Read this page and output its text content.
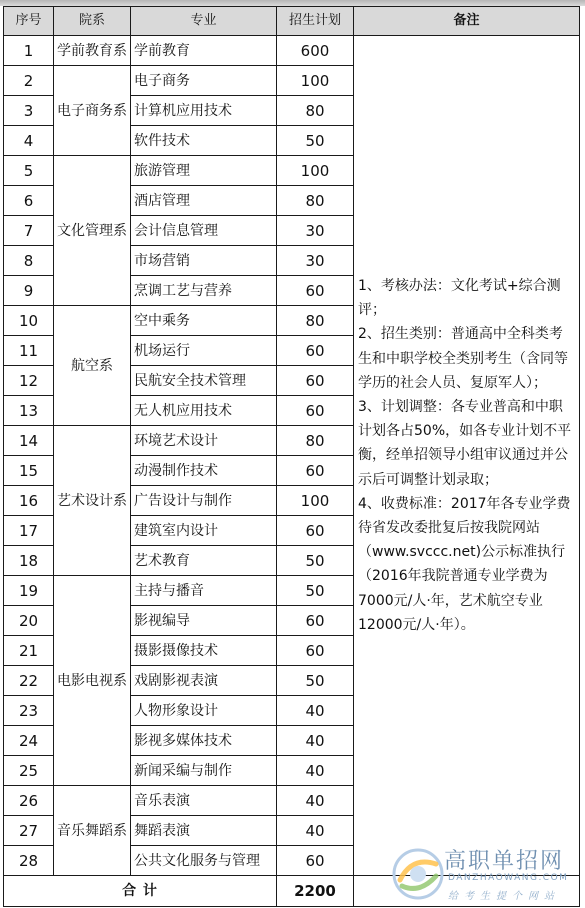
序号	院系	专业	招生计划	备注
1	学前教育系	学前教育	600	1、考核办法：文化考试+综合测评；
2、招生类别：普通高中全科类考生和中职学校全类别考生（含同等学历的社会人员、复原军人）；
3、计划调整：各专业普高和中职计划各占50%，如各专业计划不平衡，经单招领导小组审议通过并公示后可调整计划录取；
4、收费标准：2017年各专业学费待省发改委批复后按我院网站（www.svccc.net)公示标准执行（2016年我院普通专业学费为7000元/人·年，艺术航空专业12000元/人·年）。

2	电子商务系	电子商务	100	
3		计算机应用技术	80	
4		软件技术	50	
5	文化管理系	旅游管理	100	
6		酒店管理	80	
7		会计信息管理	30	
8		市场营销	30	
9		烹调工艺与营养	60	
10	航空系	空中乘务	80	
11		机场运行	60	
12		民航安全技术管理	60	
13		无人机应用技术	60	
14	艺术设计系	环境艺术设计	80	
15		动漫制作技术	60	
16		广告设计与制作	100	
17		建筑室内设计	60	
18		艺术教育	50	
19	电影电视系	主持与播音	50	
20		影视编导	60	
21		摄影摄像技术	60	
22		戏剧影视表演	50	
23		人物形象设计	40	
24		影视多媒体技术	40	
25		新闻采编与制作	40	
26	音乐舞蹈系	音乐表演	40	
27		舞蹈表演	40	
28		公共文化服务与管理	60	
合 计			2200	
高职单招网
DANZHAOWANG.COM
给考生提个网站
